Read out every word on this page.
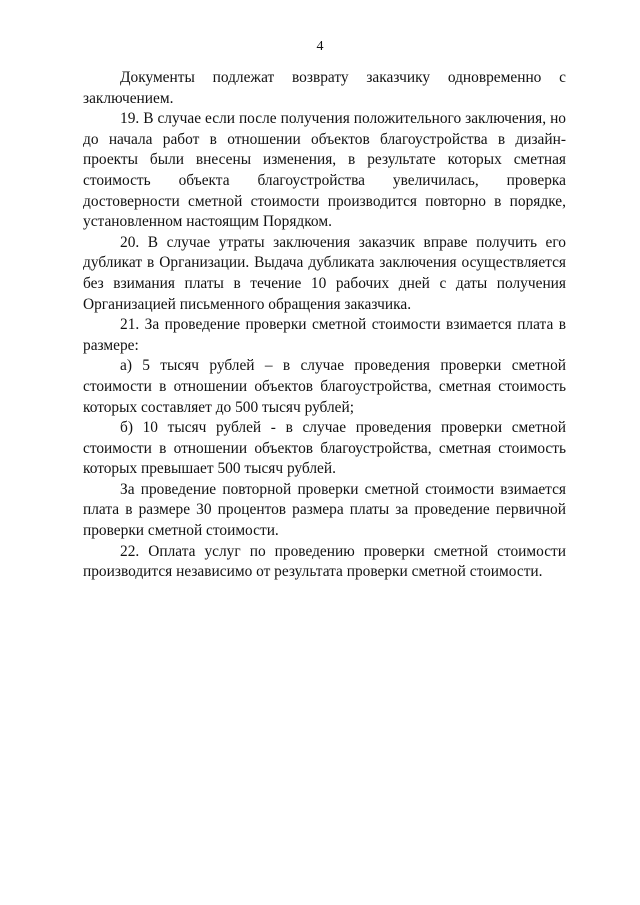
4

Документы подлежат возврату заказчику одновременно с заключением.

19. В случае если после получения положительного заключения, но до начала работ в отношении объектов благоустройства в дизайн-проекты были внесены изменения, в результате которых сметная стоимость объекта благоустройства увеличилась, проверка достоверности сметной стоимости производится повторно в порядке, установленном настоящим Порядком.

20. В случае утраты заключения заказчик вправе получить его дубликат в Организации. Выдача дубликата заключения осуществляется без взимания платы в течение 10 рабочих дней с даты получения Организацией письменного обращения заказчика.

21. За проведение проверки сметной стоимости взимается плата в размере:

а) 5 тысяч рублей – в случае проведения проверки сметной стоимости в отношении объектов благоустройства, сметная стоимость которых составляет до 500 тысяч рублей;

б) 10 тысяч рублей - в случае проведения проверки сметной стоимости в отношении объектов благоустройства, сметная стоимость которых превышает 500 тысяч рублей.

За проведение повторной проверки сметной стоимости взимается плата в размере 30 процентов размера платы за проведение первичной проверки сметной стоимости.

22. Оплата услуг по проведению проверки сметной стоимости производится независимо от результата проверки сметной стоимости.
